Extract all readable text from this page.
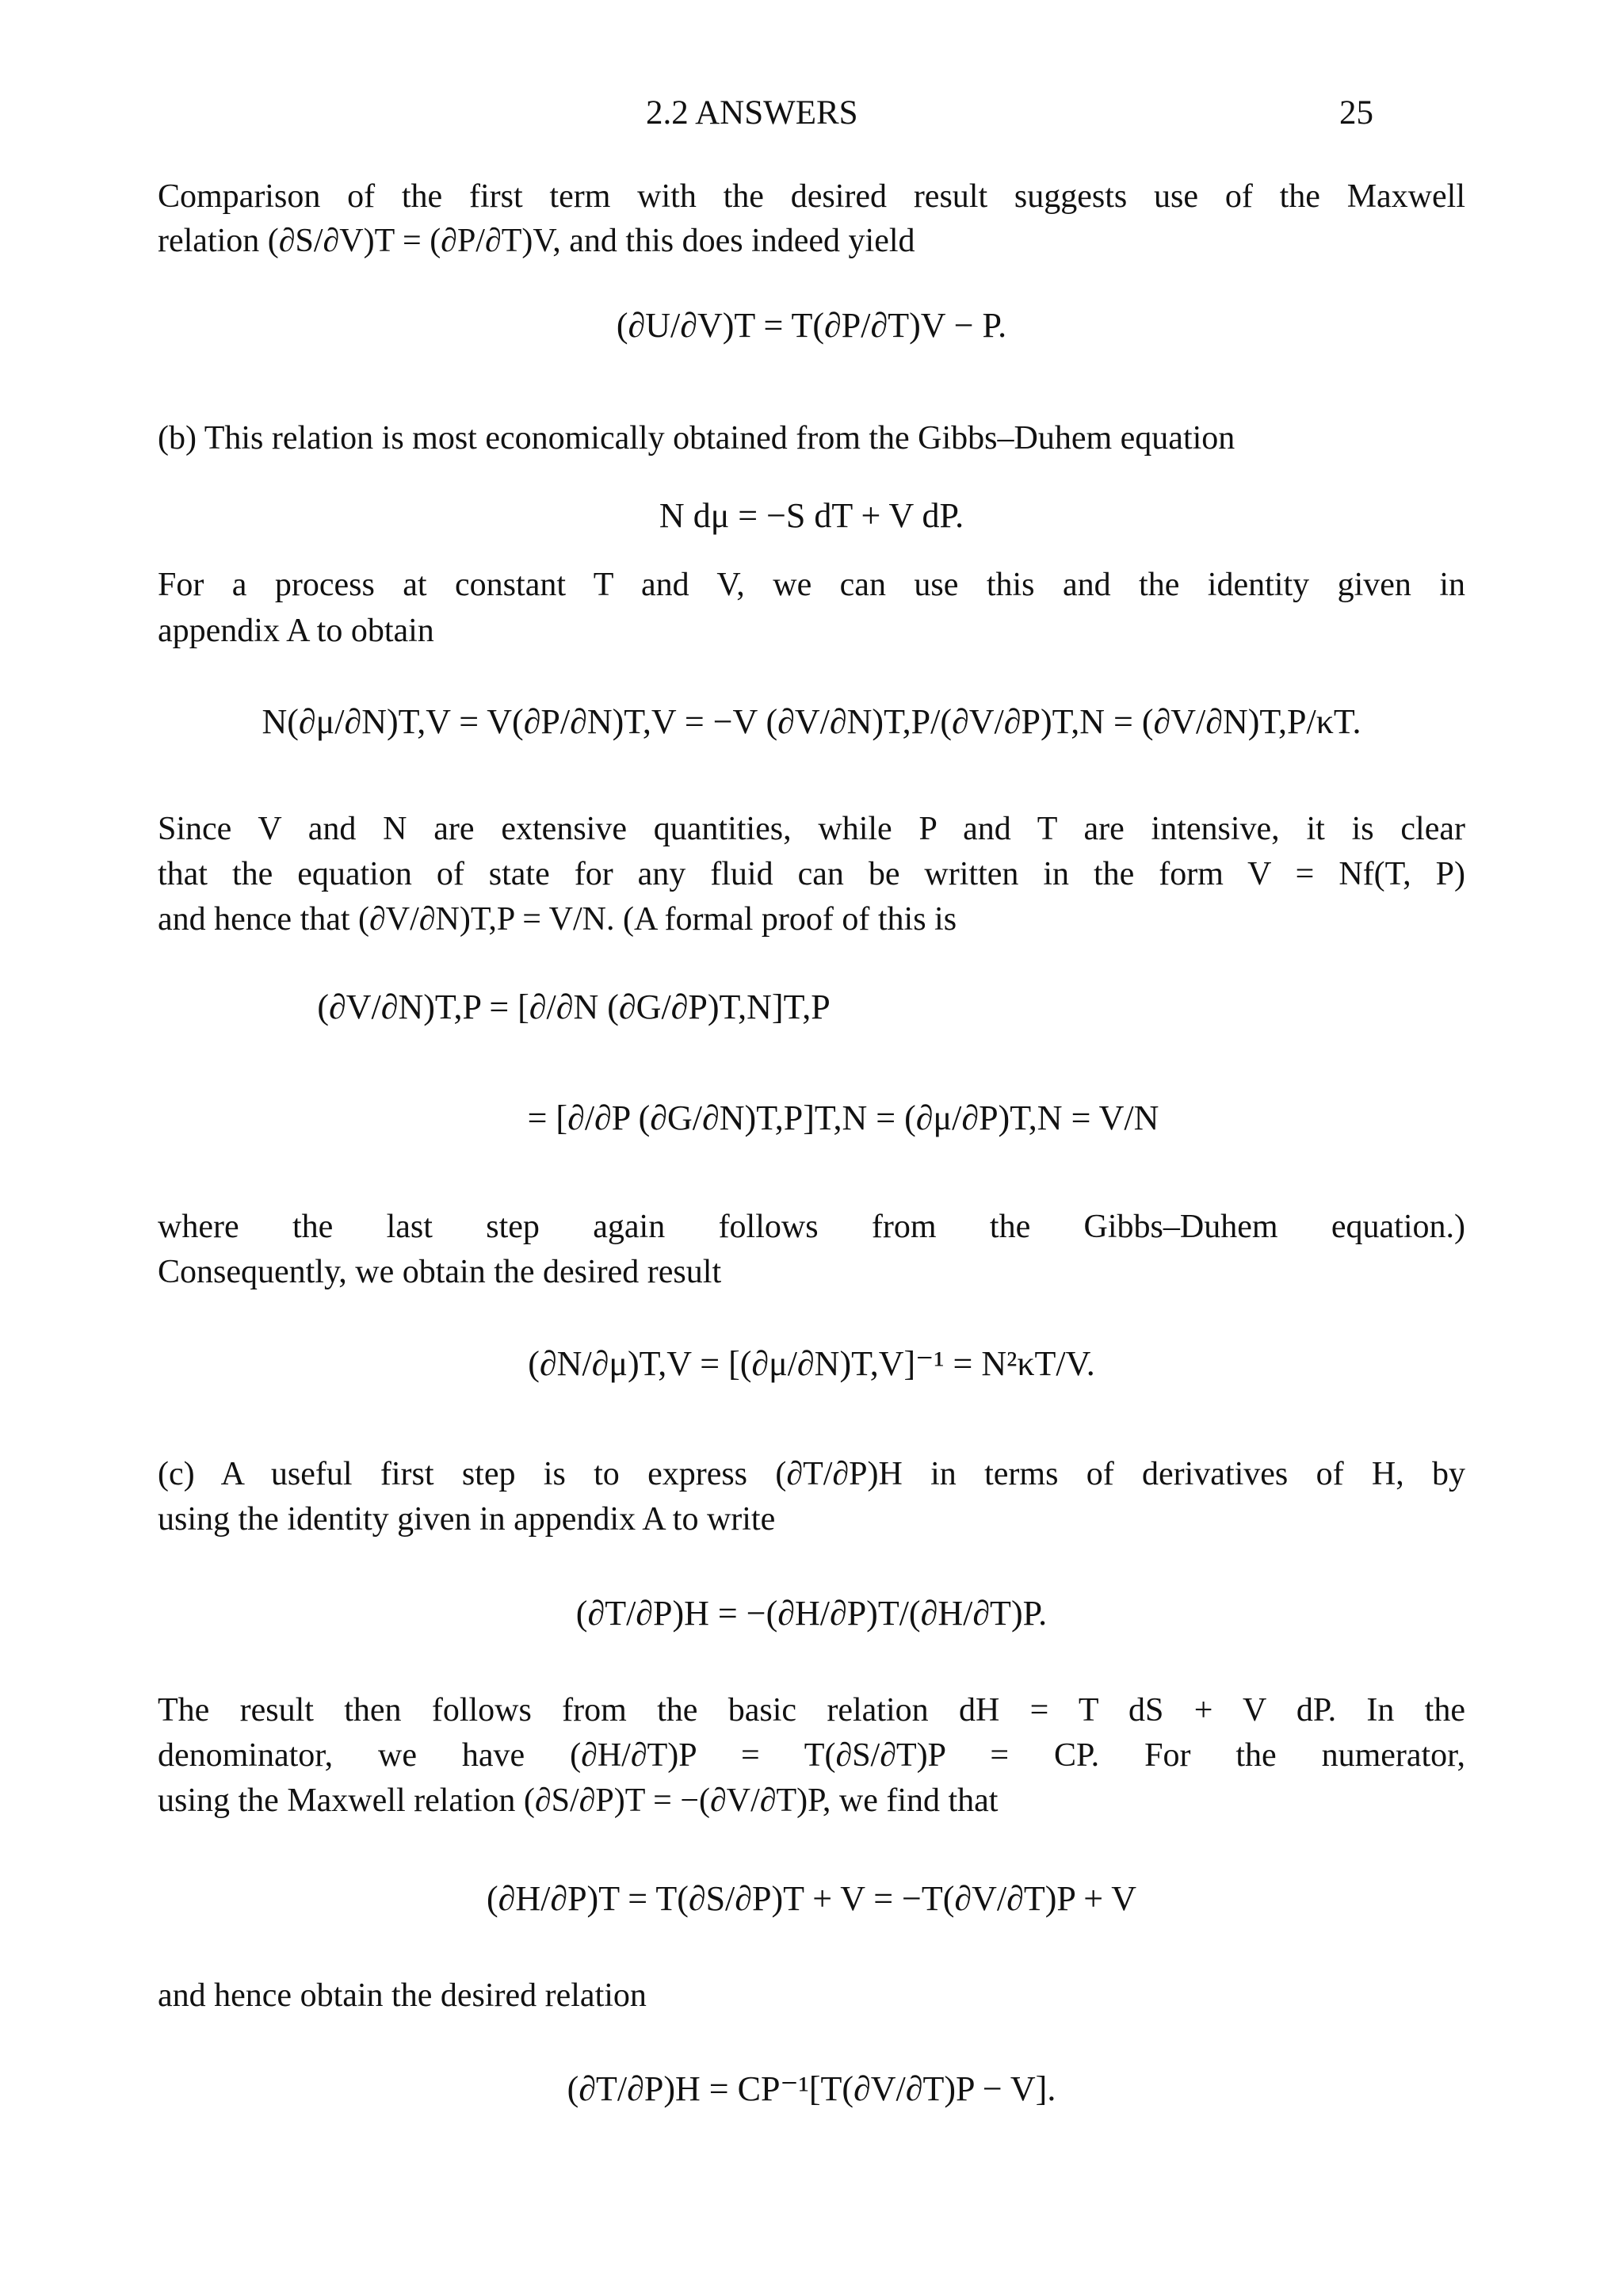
2.2 ANSWERS	25
Comparison of the first term with the desired result suggests use of the Maxwell
relation (∂S/∂V)T = (∂P/∂T)V, and this does indeed yield
(∂U/∂V)T = T(∂P/∂T)V − P.
(b) This relation is most economically obtained from the Gibbs–Duhem equation
N dμ = −S dT + V dP.
For a process at constant T and V, we can use this and the identity given in
appendix A to obtain
N(∂μ/∂N)T,V = V(∂P/∂N)T,V = −V (∂V/∂N)T,P/(∂V/∂P)T,N = (∂V/∂N)T,P/κT.
Since V and N are extensive quantities, while P and T are intensive, it is clear
that the equation of state for any fluid can be written in the form V = Nf(T, P)
and hence that (∂V/∂N)T,P = V/N. (A formal proof of this is
(∂V/∂N)T,P = [∂/∂N (∂G/∂P)T,N]T,P
= [∂/∂P (∂G/∂N)T,P]T,N = (∂μ/∂P)T,N = V/N
where the last step again follows from the Gibbs–Duhem equation.)
Consequently, we obtain the desired result
(∂N/∂μ)T,V = [(∂μ/∂N)T,V]⁻¹ = N²κT/V.
(c) A useful first step is to express (∂T/∂P)H in terms of derivatives of H, by
using the identity given in appendix A to write
(∂T/∂P)H = −(∂H/∂P)T/(∂H/∂T)P.
The result then follows from the basic relation dH = T dS + V dP. In the
denominator, we have (∂H/∂T)P = T(∂S/∂T)P = CP. For the numerator,
using the Maxwell relation (∂S/∂P)T = −(∂V/∂T)P, we find that
(∂H/∂P)T = T(∂S/∂P)T + V = −T(∂V/∂T)P + V
and hence obtain the desired relation
(∂T/∂P)H = CP⁻¹[T(∂V/∂T)P − V].
